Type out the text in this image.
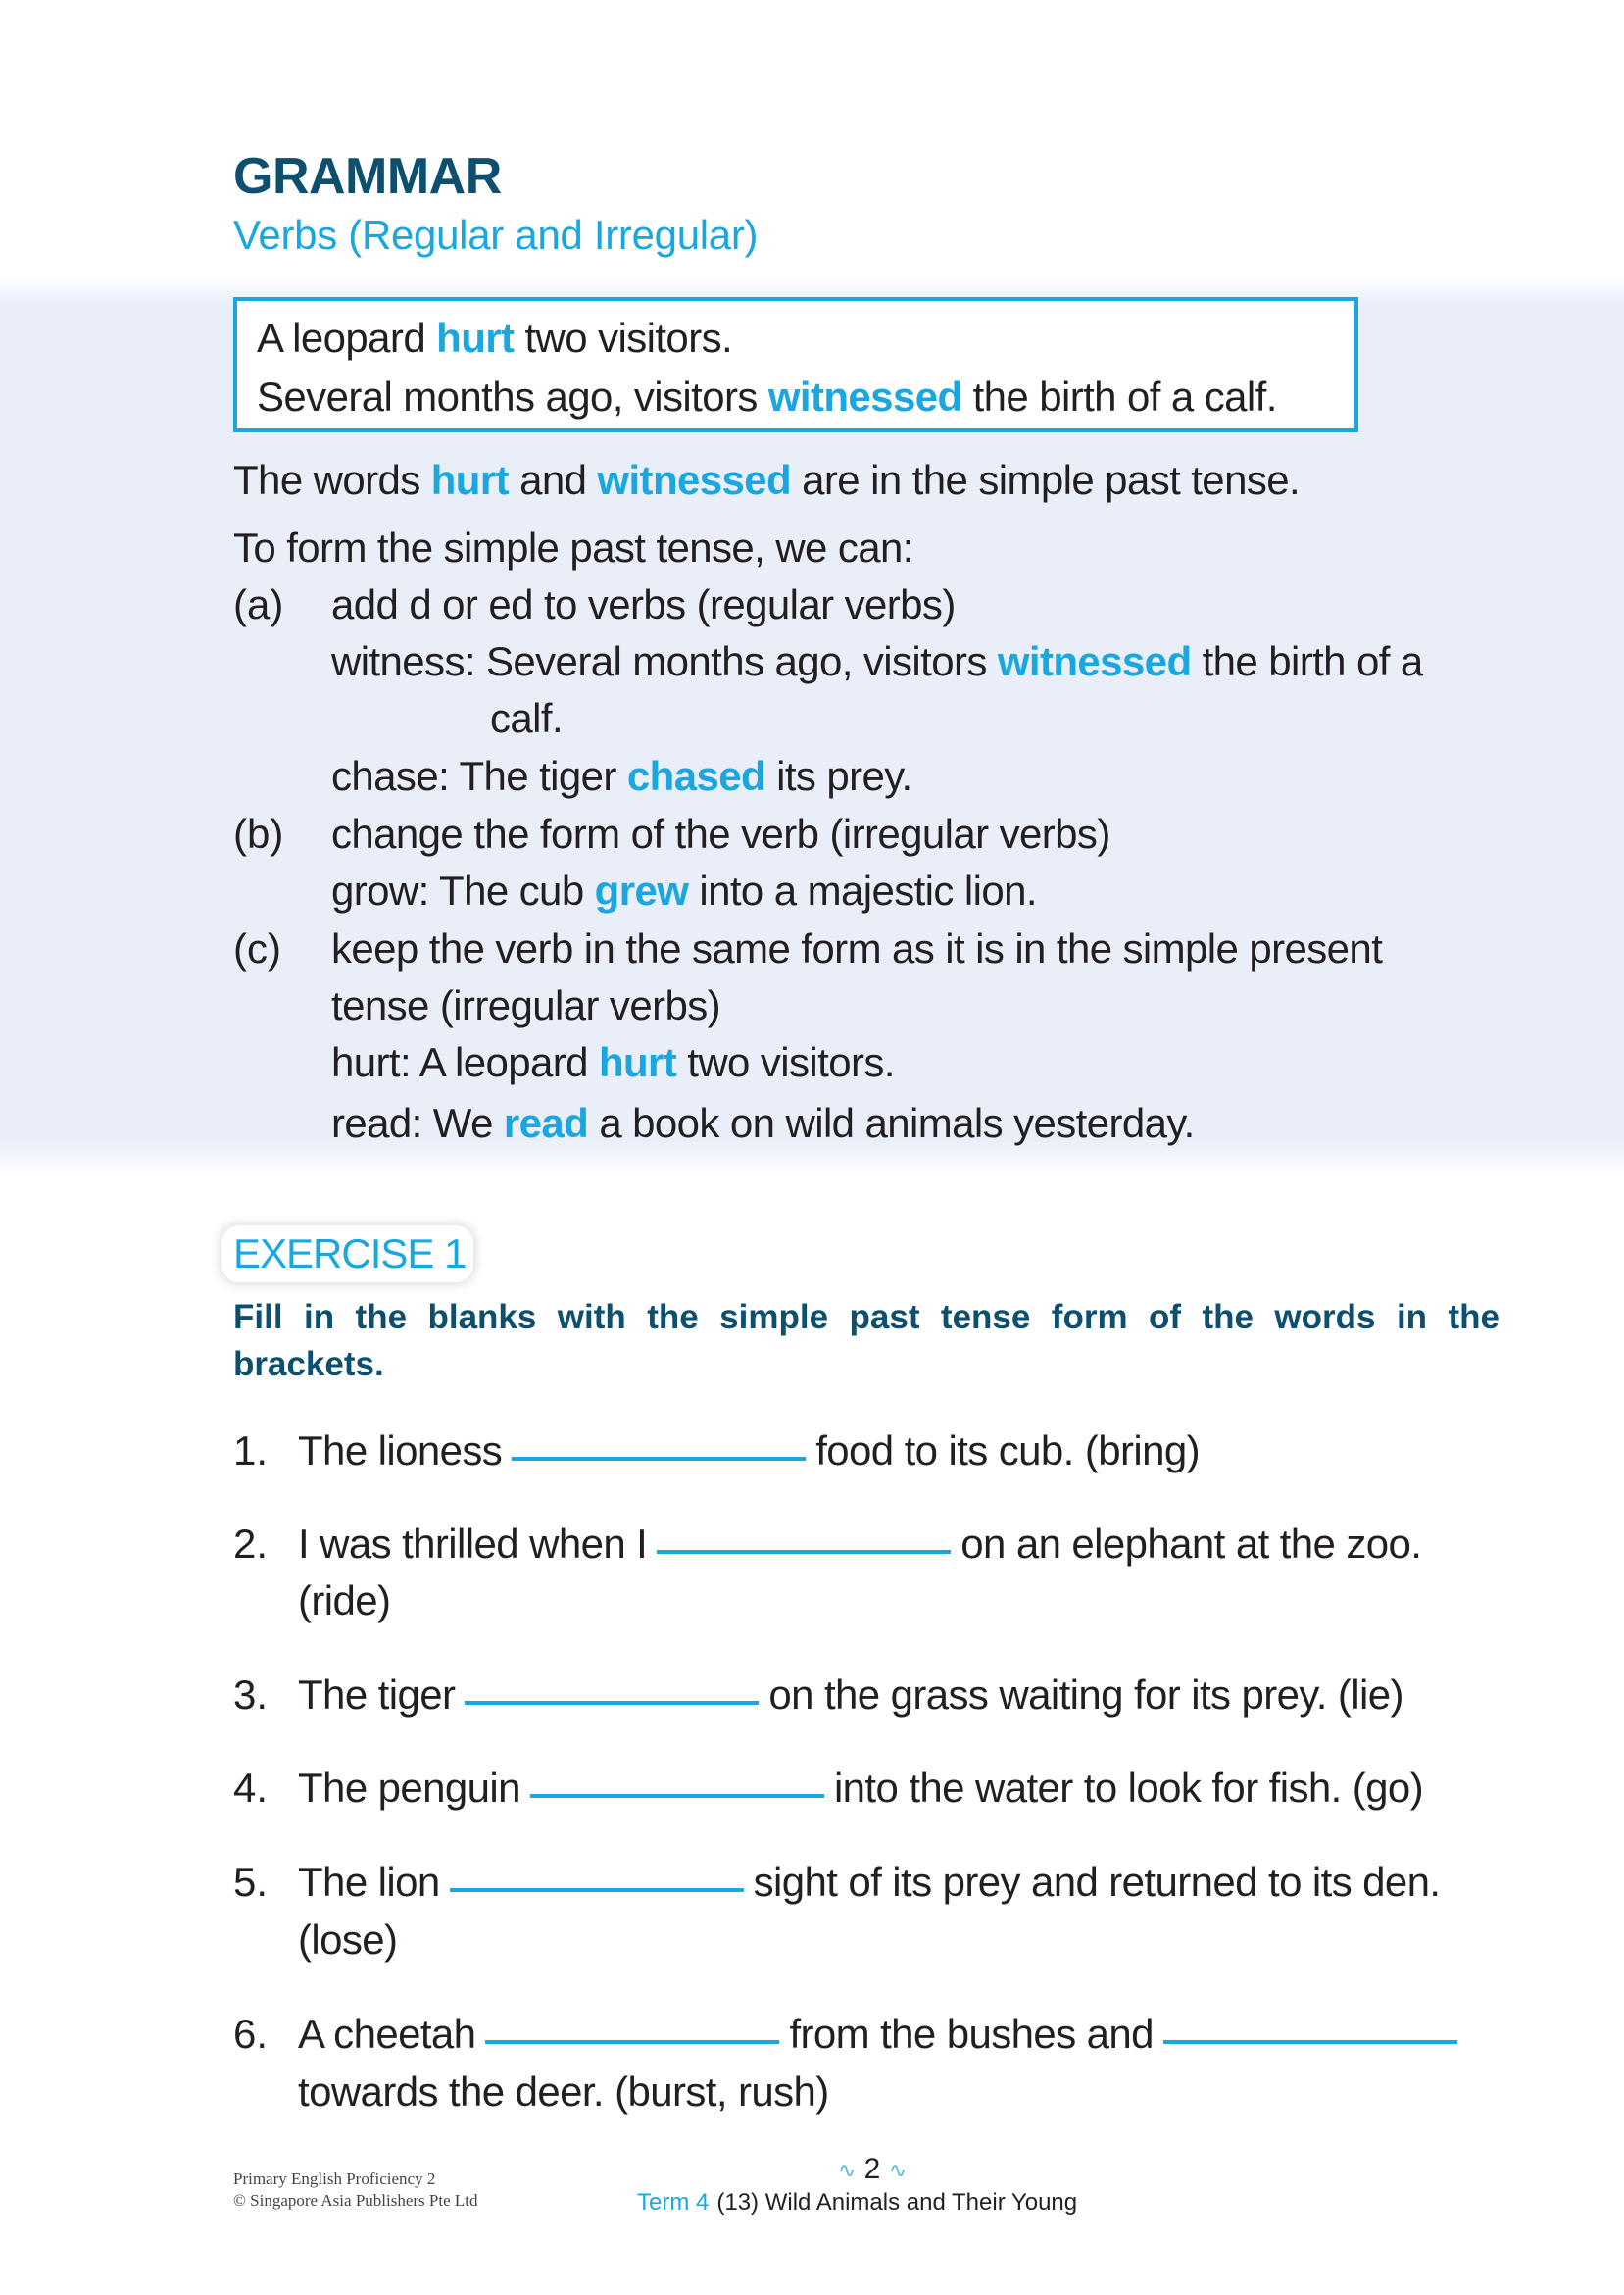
GRAMMAR
Verbs (Regular and Irregular)
A leopard hurt two visitors.
Several months ago, visitors witnessed the birth of a calf.
The words hurt and witnessed are in the simple past tense.
To form the simple past tense, we can:
(a) add d or ed to verbs (regular verbs)
witness: Several months ago, visitors witnessed the birth of a
calf.
chase: The tiger chased its prey.
(b) change the form of the verb (irregular verbs)
grow: The cub grew into a majestic lion.
(c) keep the verb in the same form as it is in the simple present
tense (irregular verbs)
hurt: A leopard hurt two visitors.
read: We read a book on wild animals yesterday.
EXERCISE 1
Fill in the blanks with the simple past tense form of the words in the brackets.
1. The lioness	food to its cub. (bring)
2. I was thrilled when I	on an elephant at the zoo.
(ride)
3. The tiger	on the grass waiting for its prey. (lie)
4. The penguin	into the water to look for fish. (go)
5. The lion	sight of its prey and returned to its den.
(lose)
6. A cheetah	from the bushes and
towards the deer. (burst, rush)
Primary English Proficiency 2
© Singapore Asia Publishers Pte Ltd
∿ 2 ∿
Term 4 (13) Wild Animals and Their Young
